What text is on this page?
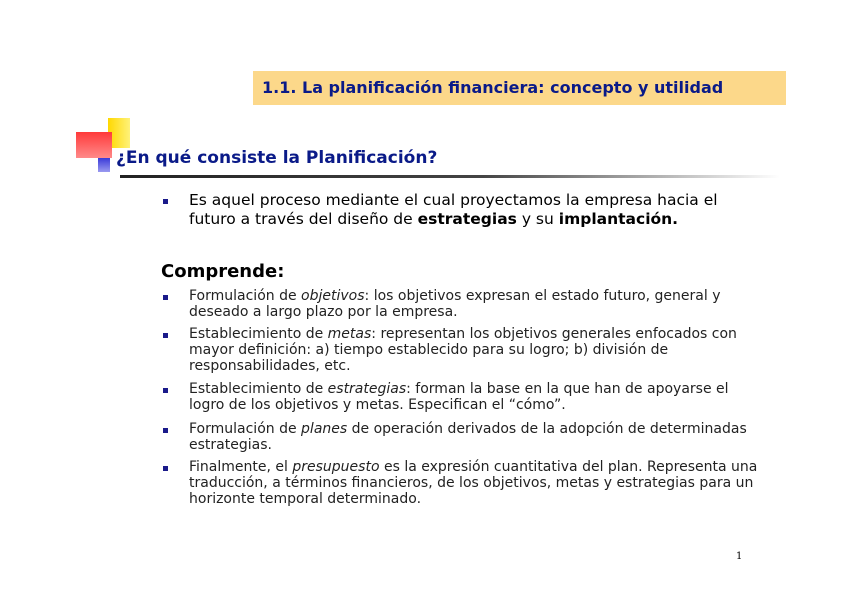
1.1. La planificación financiera: concepto y utilidad
¿En qué consiste la Planificación?
Es aquel proceso mediante el cual proyectamos la empresa hacia el futuro a través del diseño de estrategias y su implantación.
Comprende:
Formulación de objetivos: los objetivos expresan el estado futuro, general y deseado a largo plazo por la empresa.
Establecimiento de metas: representan los objetivos generales enfocados con mayor definición: a) tiempo establecido para su logro; b) división de responsabilidades, etc.
Establecimiento de estrategias: forman la base en la que han de apoyarse el logro de los objetivos y metas. Especifican el “cómo”.
Formulación de planes de operación derivados de la adopción de determinadas estrategias.
Finalmente, el presupuesto es la expresión cuantitativa del plan. Representa una traducción, a términos financieros, de los objetivos, metas y estrategias para un horizonte temporal determinado.
1
